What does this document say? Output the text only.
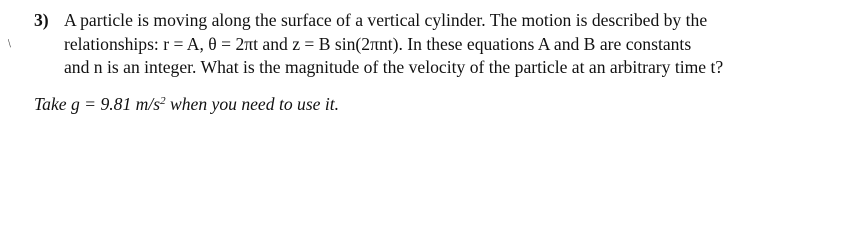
/
3) A particle is moving along the surface of a vertical cylinder. The motion is described by the
relationships: r = A, θ = 2πt and z = B sin(2πnt). In these equations A and B are constants
and n is an integer. What is the magnitude of the velocity of the particle at an arbitrary time t?
Take g = 9.81 $m/s^2$ when you need to use it.
